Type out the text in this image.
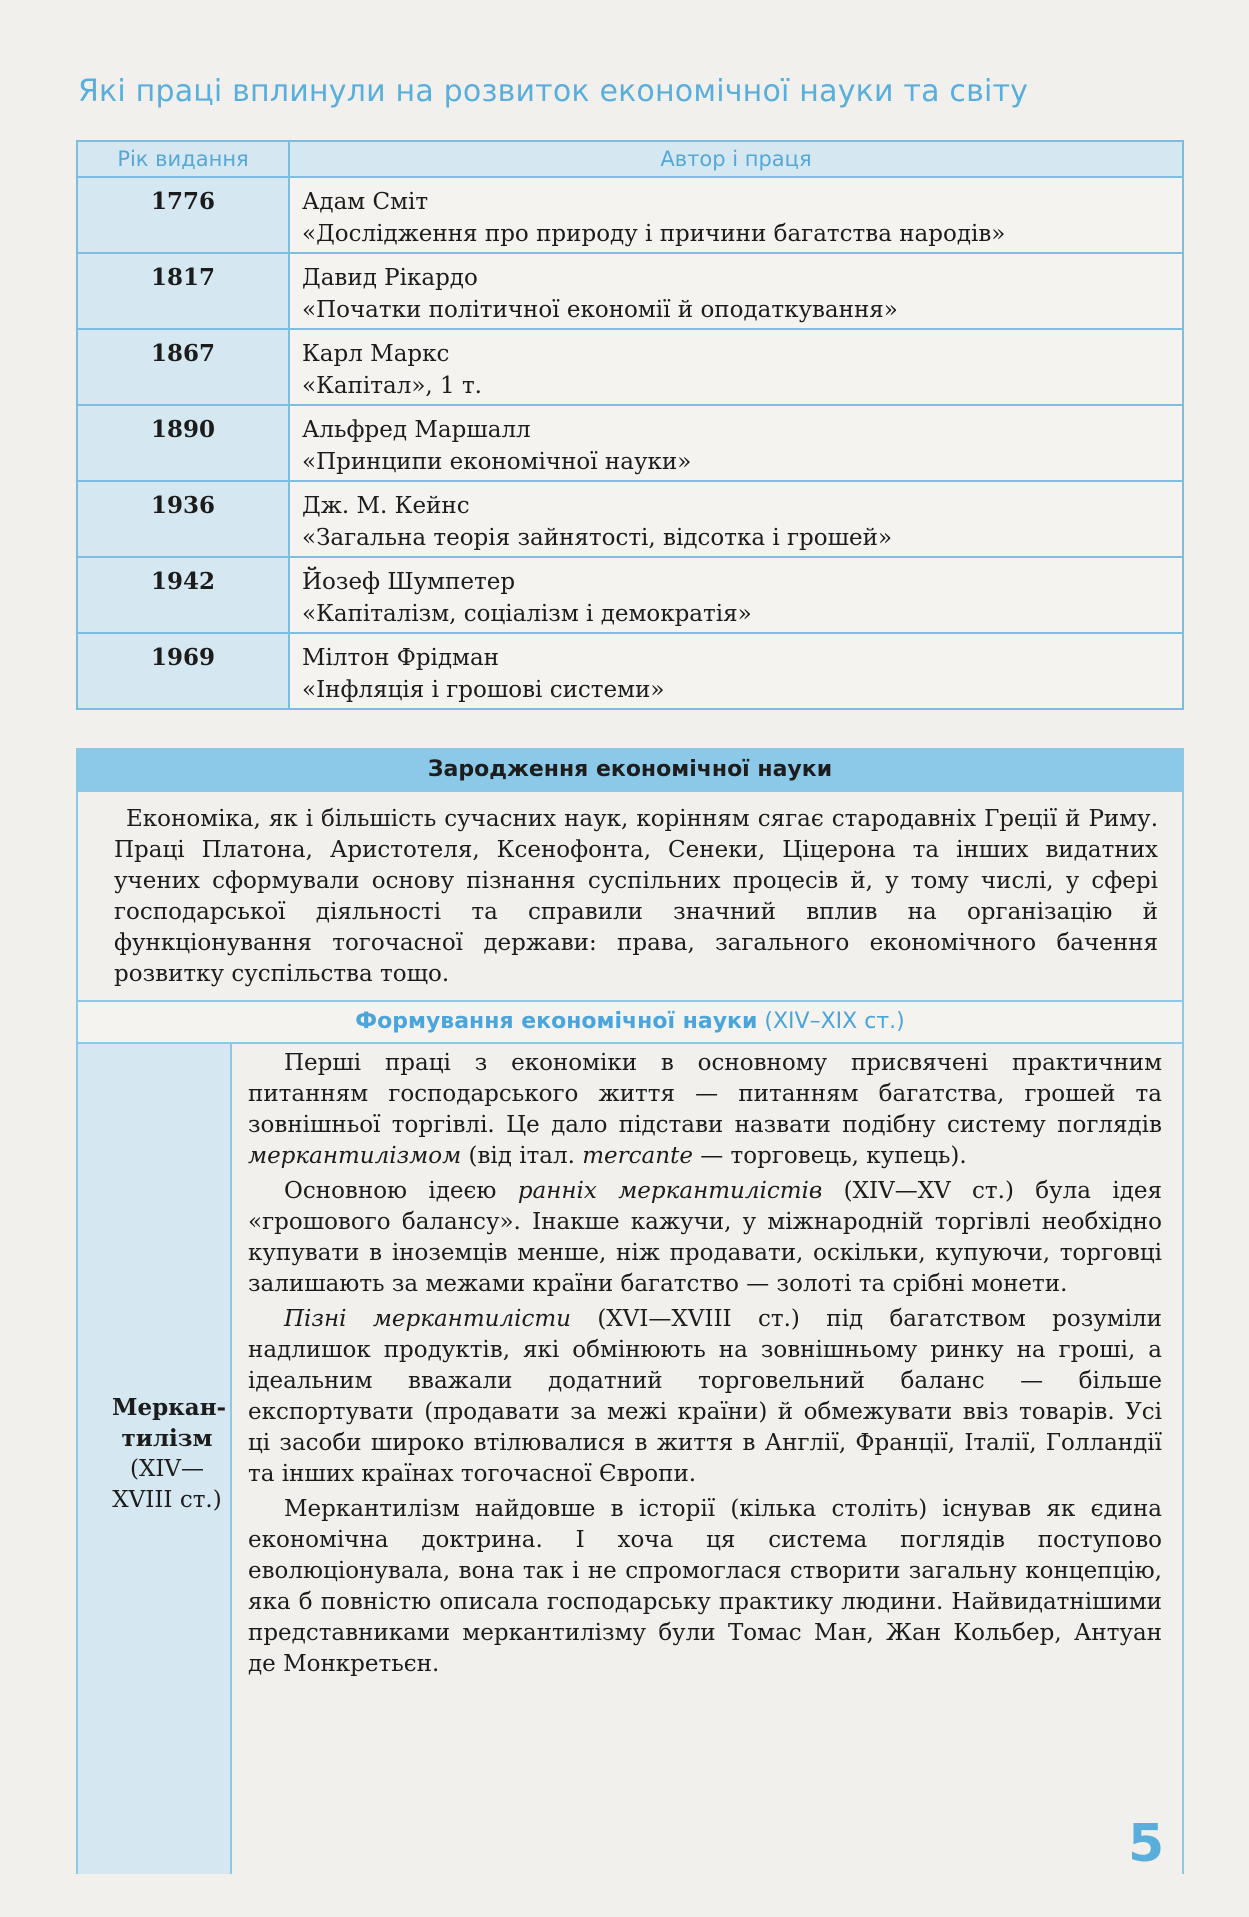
Які праці вплинули на розвиток економічної науки та світу
Рік видання	Автор і праця
1776	Адам Сміт
«Дослідження про природу і причини багатства народів»

1817	Давид Рікардо
«Початки політичної економії й оподаткування»

1867	Карл Маркс
«Капітал», 1 т.

1890	Альфред Маршалл
«Принципи економічної науки»

1936	Дж. М. Кейнс
«Загальна теорія зайнятості, відсотка і грошей»

1942	Йозеф Шумпетер
«Капіталізм, соціалізм і демократія»

1969	Мілтон Фрідман
«Інфляція і грошові системи»
Зародження економічної науки

Економіка, як і більшість сучасних наук, корінням сягає стародавніх Греції й Риму. Праці Платона, Аристотеля, Ксенофонта, Сенеки, Ціцерона та інших видатних учених сформували основу пізнання суспільних процесів й, у тому числі, у сфері господарської діяльності та справили значний вплив на організацію й функціонування тогочасної держави: права, загального економічного бачення розвитку суспільства тощо.

Формування економічної науки (XIV–XIX ст.)
Меркан-тилізм
(XIV—XVIII ст.)

Перші праці з економіки в основному присвячені практичним питанням господарського життя — питанням багатства, грошей та зовнішньої торгівлі. Це дало підстави назвати подібну систему поглядів меркантилізмом (від італ. mercante — торговець, купець).

Основною ідеєю ранніх меркантилістів (XIV—XV ст.) була ідея «грошового балансу». Інакше кажучи, у міжнародній торгівлі необхідно купувати в іноземців менше, ніж продавати, оскільки, купуючи, торговці залишають за межами країни багатство — золоті та срібні монети.

Пізні меркантилісти (XVI—XVIII ст.) під багатством розуміли надлишок продуктів, які обмінюють на зовнішньому ринку на гроші, а ідеальним вважали додатний торговельний баланс — більше експортувати (продавати за межі країни) й обмежувати ввіз товарів. Усі ці засоби широко втілювалися в життя в Англії, Франції, Італії, Голландії та інших країнах тогочасної Європи.

Меркантилізм найдовше в історії (кілька століть) існував як єдина економічна доктрина. І хоча ця система поглядів поступово еволюціонувала, вона так і не спромоглася створити загальну концепцію, яка б повністю описала господарську практику людини. Найвидатнішими представниками меркантилізму були Томас Ман, Жан Кольбер, Антуан де Монкретьєн.

5
